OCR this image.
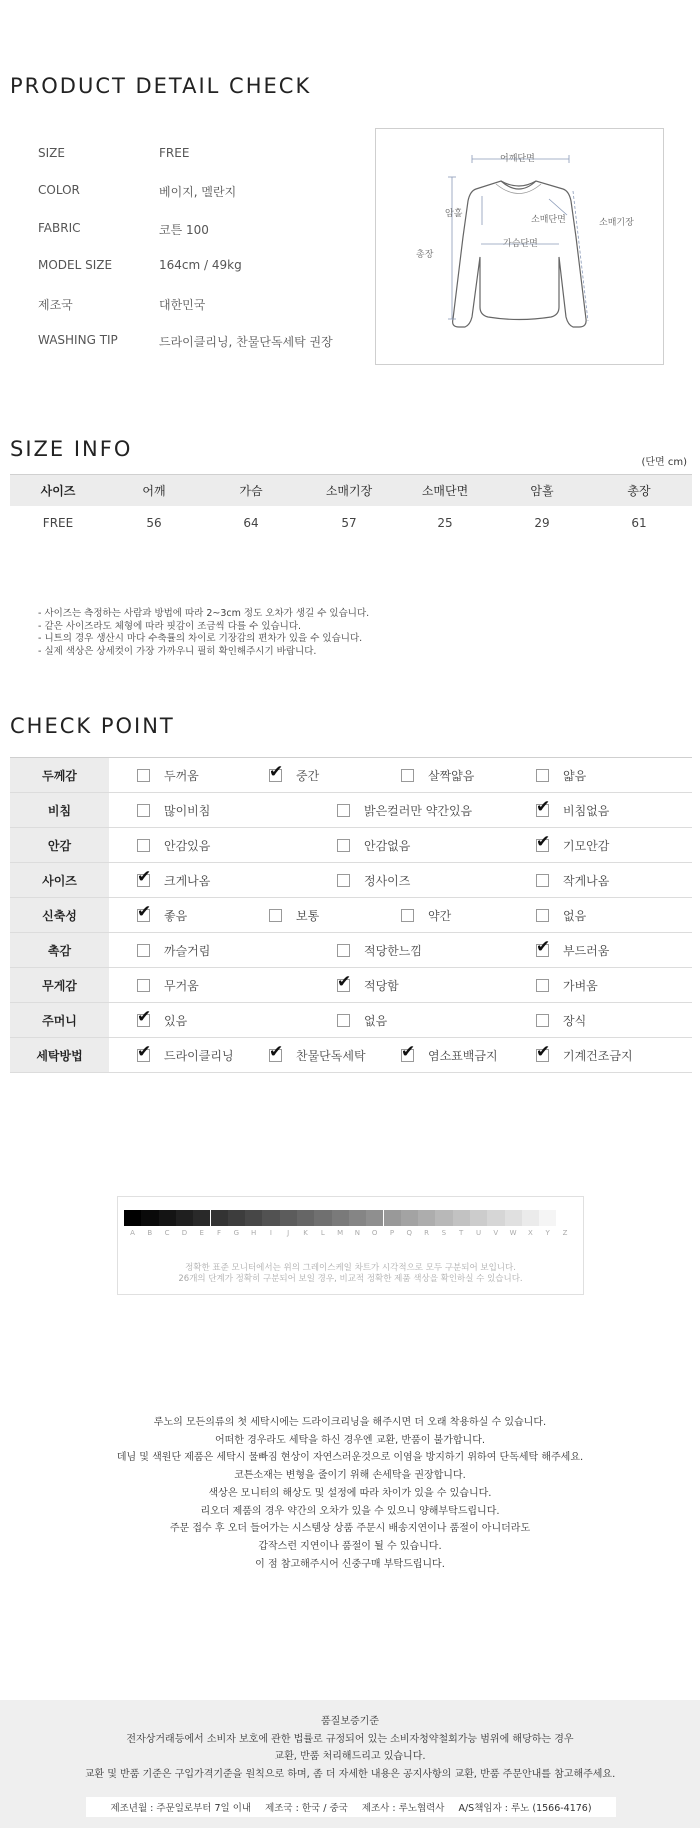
PRODUCT DETAIL CHECK
SIZE	FREE
COLOR	베이지, 멜란지
FABRIC	코튼 100
MODEL SIZE	164cm / 49kg
제조국	대한민국
WASHING TIP	드라이클리닝, 찬물단독세탁 권장
어깨단면
암홀
소매단면	소매기장
가슴단면
총장
SIZE INFO
(단면 cm)
사이즈	어깨	가슴	소매기장	소매단면	암홀	총장
FREE	56	64	57	25	29	61
- 사이즈는 측정하는 사람과 방법에 따라 2~3cm 정도 오차가 생길 수 있습니다.
- 같은 사이즈라도 체형에 따라 핏감이 조금씩 다를 수 있습니다.
- 니트의 경우 생산시 마다 수축률의 차이로 기장감의 편차가 있을 수 있습니다.
- 실제 색상은 상세컷이 가장 가까우니 필히 확인해주시기 바랍니다.
CHECK POINT
두께감	두꺼움	✔ 중간	살짝얇음	얇음
비침	많이비침	밝은컬러만 약간있음	✔ 비침없음
안감	안감있음	안감없음	✔ 기모안감
사이즈	✔ 크게나옴	정사이즈	작게나옴
신축성	✔ 좋음	보통	약간	없음
촉감	까슬거림	적당한느낌	✔ 부드러움
무게감	무거움	✔ 적당함	가벼움
주머니	✔ 있음	없음	장식
세탁방법	✔ 드라이클리닝 ✔ 찬물단독세탁 ✔ 염소표백금지 ✔ 기계건조금지
정확한 표준 모니터에서는 위의 그레이스케일 차트가 시각적으로 모두 구분되어 보입니다.
26개의 단계가 정확히 구분되어 보일 경우, 비교적 정확한 제품 색상을 확인하실 수 있습니다.
A	B	C	D	E	F	G	H	I	J	K	L	M	N	O	P	Q	R	S	T	U	V	W	X	Y	Z
루노의 모든의류의 첫 세탁시에는 드라이크리닝을 해주시면 더 오래 착용하실 수 있습니다.
어떠한 경우라도 세탁을 하신 경우엔 교환, 반품이 불가합니다.
데님 및 색원단 제품은 세탁시 물빠짐 현상이 자연스러운것으로 이염을 방지하기 위하여 단독세탁 해주세요.
코튼소재는 변형을 줄이기 위해 손세탁을 권장합니다.
색상은 모니터의 해상도 및 설정에 따라 차이가 있을 수 있습니다.
리오더 제품의 경우 약간의 오차가 있을 수 있으니 양해부탁드립니다.
주문 접수 후 오더 들어가는 시스템상 상품 주문시 배송지연이나 품절이 아니더라도
갑작스런 지연이나 품절이 될 수 있습니다.
이 점 참고해주시어 신중구매 부탁드립니다.
품질보증기준
전자상거래등에서 소비자 보호에 관한 법률로 규정되어 있는 소비자청약철회가능 범위에 해당하는 경우
교환, 반품 처리해드리고 있습니다.
교환 및 반품 기준은 구입가격기준을 원칙으로 하며, 좀 더 자세한 내용은 공지사항의 교환, 반품 주문안내를 참고해주세요.
제조년월 : 주문일로부터 7일 이내 제조국 : 한국 / 중국 제조사 : 루노협력사 A/S책임자 : 루노 (1566-4176)
